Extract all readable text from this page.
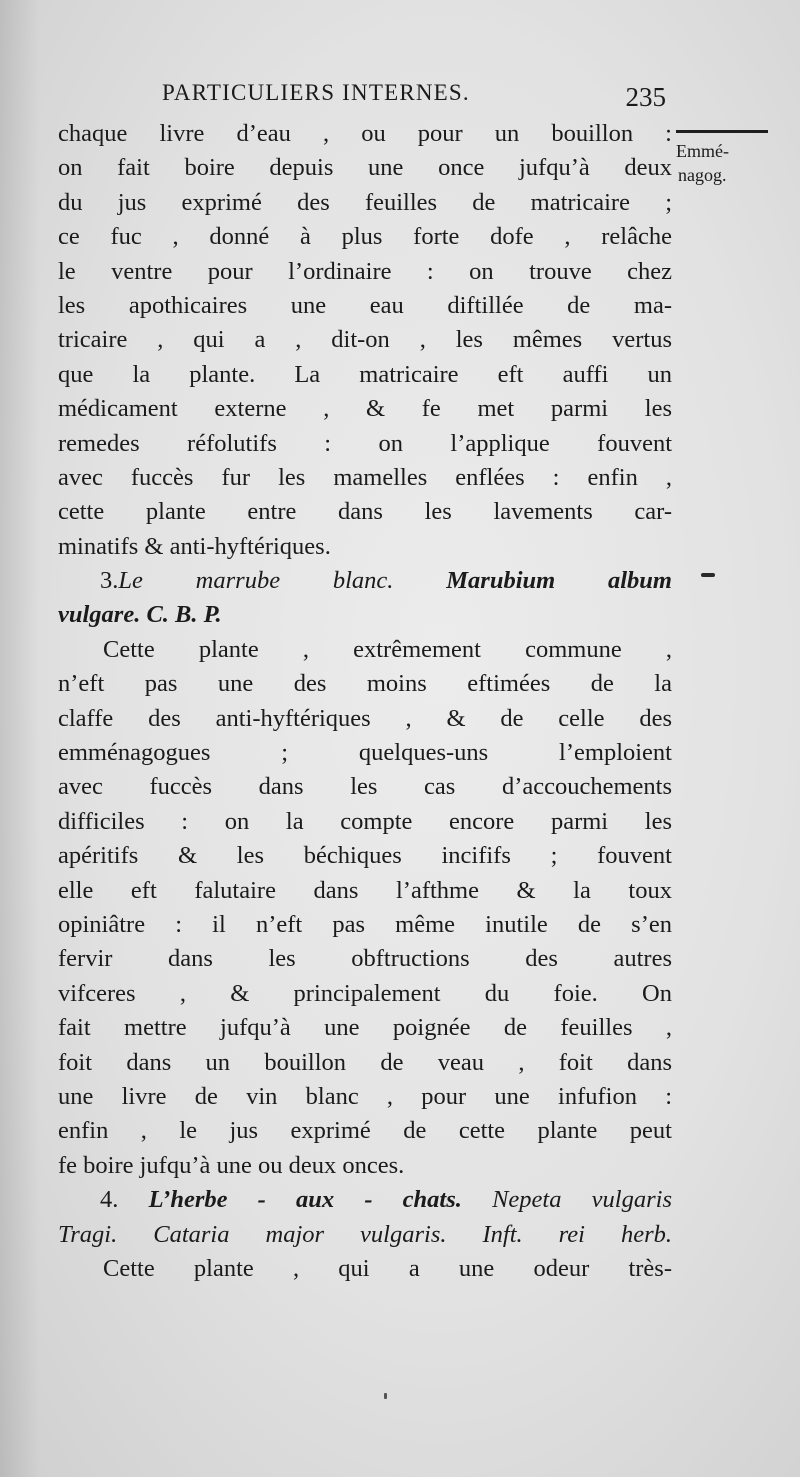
PARTICULIERS INTERNES.	235
Emmé-
nagog.
chaque livre d’eau , ou pour un bouillon :
on fait boire depuis une once jufqu’à deux
du jus exprimé des feuilles de matricaire ;
ce fuc , donné à plus forte dofe , relâche
le ventre pour l’ordinaire : on trouve chez
les apothicaires une eau diftillée de ma-
tricaire , qui a , dit-on , les mêmes vertus
que la plante. La matricaire eft auffi un
médicament externe , & fe met parmi les
remedes réfolutifs : on l’applique fouvent
avec fuccès fur les mamelles enflées : enfin ,
cette plante entre dans les lavements car-
minatifs & anti-hyftériques.
3.Le marrube blanc. Marubium album
vulgare. C. B. P.
Cette plante , extrêmement commune ,
n’eft pas une des moins eftimées de la
claffe des anti-hyftériques , & de celle des
emménagogues ; quelques-uns l’emploient
avec fuccès dans les cas d’accouchements
difficiles : on la compte encore parmi les
apéritifs & les béchiques incififs ; fouvent
elle eft falutaire dans l’afthme & la toux
opiniâtre : il n’eft pas même inutile de s’en
fervir dans les obftructions des autres
vifceres , & principalement du foie. On
fait mettre jufqu’à une poignée de feuilles ,
foit dans un bouillon de veau , foit dans
une livre de vin blanc , pour une infufion :
enfin , le jus exprimé de cette plante peut
fe boire jufqu’à une ou deux onces.
4. L’herbe - aux - chats. Nepeta vulgaris
Tragi. Cataria major vulgaris. Inft. rei herb.
Cette plante , qui a une odeur très-
